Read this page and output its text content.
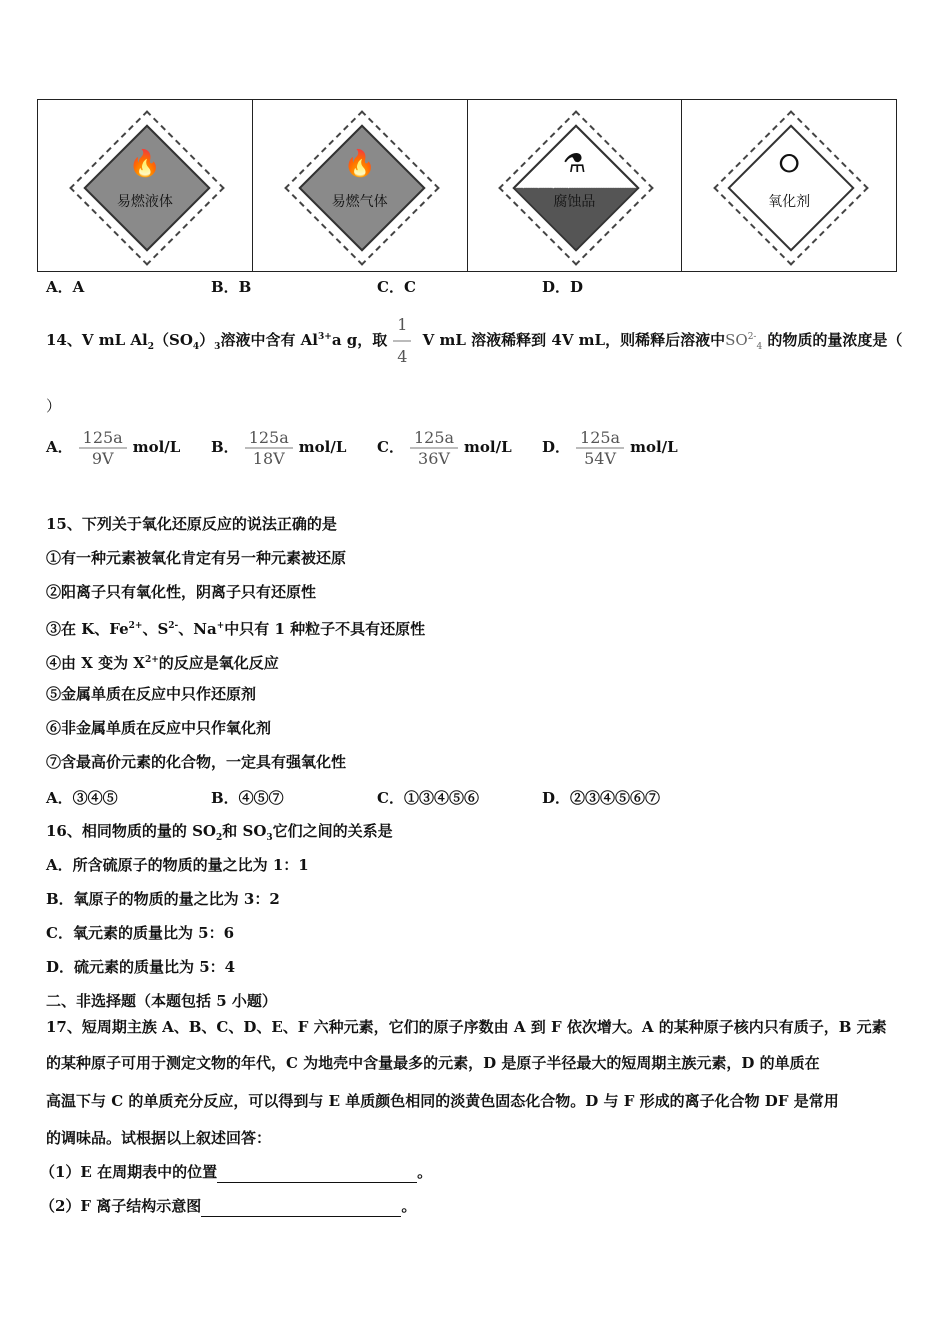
🔥
易燃液体

🔥
易燃气体

⚗
腐蚀品

⭘
氧化剂
A．A	B．B	C．C	D．D
14、V mL $Al_2(SO_4)_3$溶液中含有 $Al^{3+}a$ g，取 $\frac{1}{4}$ V mL 溶液稀释到 4V mL，则稀释后溶液中$SO^{2-}_4$ 的物质的量浓度是（
）
A． $\frac{125a}{9V} mol/L$ B． $\frac{125a}{18V} mol/L$ C． $\frac{125a}{36V} mol/L$ D． $\frac{125a}{54V} mol/L$
15、下列关于氧化还原反应的说法正确的是
①有一种元素被氧化肯定有另一种元素被还原
②阳离子只有氧化性，阴离子只有还原性
③在 K、$Fe^{2+}$、$S^{2-}$、Na+中只有 1 种粒子不具有还原性
④由 X 变为 $X^{2+}$的反应是氧化反应
⑤金属单质在反应中只作还原剂
⑥非金属单质在反应中只作氧化剂
⑦含最高价元素的化合物，一定具有强氧化性
A．③④⑤	B．④⑤⑦	C．①③④⑤⑥	D．②③④⑤⑥⑦
16、相同物质的量的 $SO_2$和 $SO_3$它们之间的关系是
A．所含硫原子的物质的量之比为 1：1
B．氧原子的物质的量之比为 3：2
C．氧元素的质量比为 5：6
D．硫元素的质量比为 5：4
二、非选择题（本题包括 5 小题）
17、短周期主族 A、B、C、D、E、F 六种元素，它们的原子序数由 A 到 F 依次增大。A 的某种原子核内只有质子，B 元素
的某种原子可用于测定文物的年代，C 为地壳中含量最多的元素，D 是原子半径最大的短周期主族元素，D 的单质在
高温下与 C 的单质充分反应，可以得到与 E 单质颜色相同的淡黄色固态化合物。D 与 F 形成的离子化合物 DF 是常用
的调味品。试根据以上叙述回答：
（1）E 在周期表中的位置	。
（2）F 离子结构示意图	。
